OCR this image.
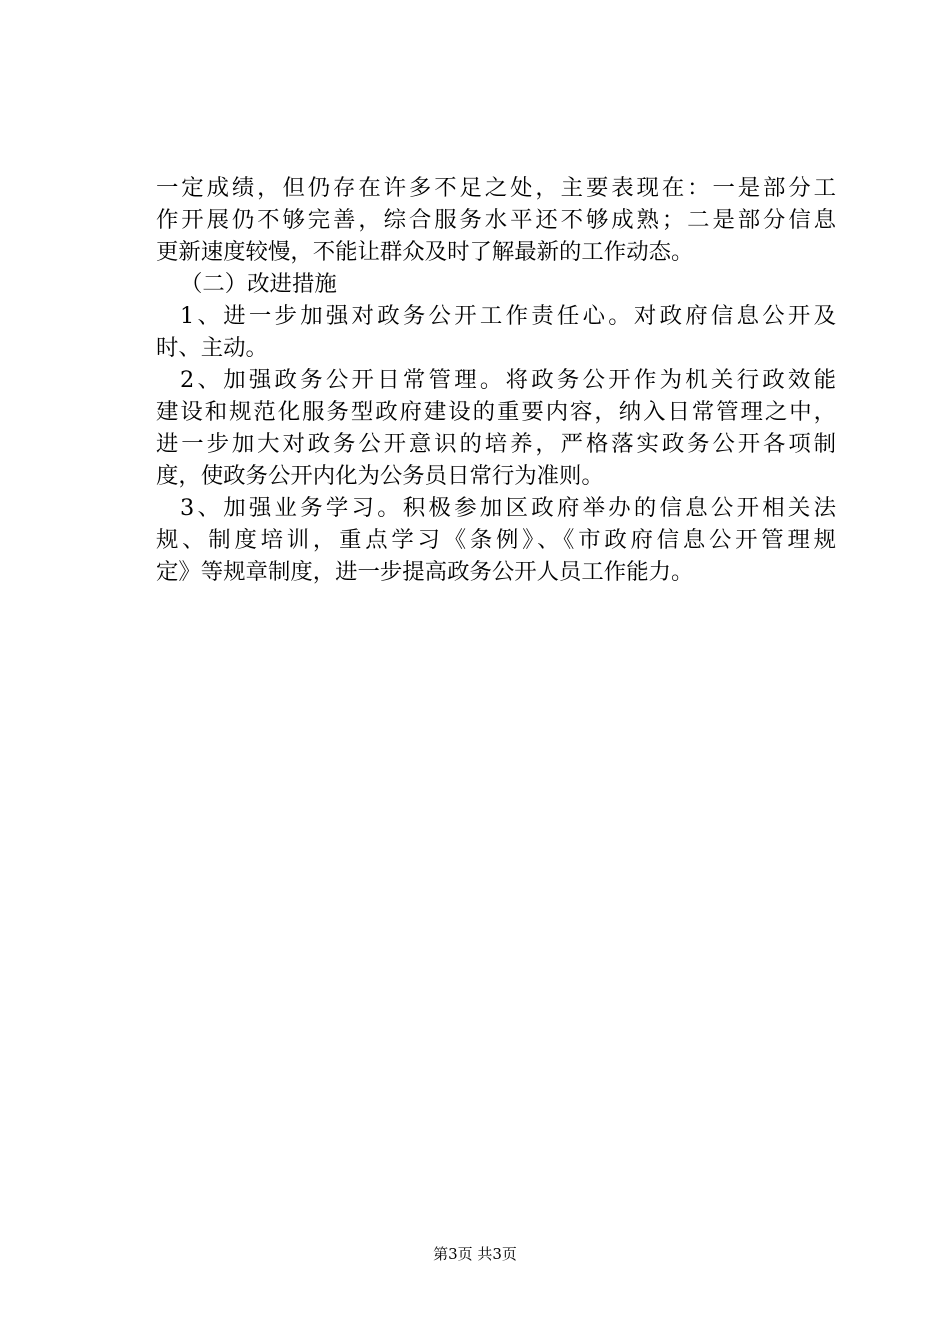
一定成绩，但仍存在许多不足之处，主要表现在：一是部分工
作开展仍不够完善，综合服务水平还不够成熟；二是部分信息
更新速度较慢，不能让群众及时了解最新的工作动态。
（二）改进措施
1、进一步加强对政务公开工作责任心。对政府信息公开及
时、主动。
2、加强政务公开日常管理。将政务公开作为机关行政效能
建设和规范化服务型政府建设的重要内容，纳入日常管理之中，
进一步加大对政务公开意识的培养，严格落实政务公开各项制
度，使政务公开内化为公务员日常行为准则。
3、加强业务学习。积极参加区政府举办的信息公开相关法
规、制度培训，重点学习《条例》、《市政府信息公开管理规
定》等规章制度，进一步提高政务公开人员工作能力。
第3页 共3页
